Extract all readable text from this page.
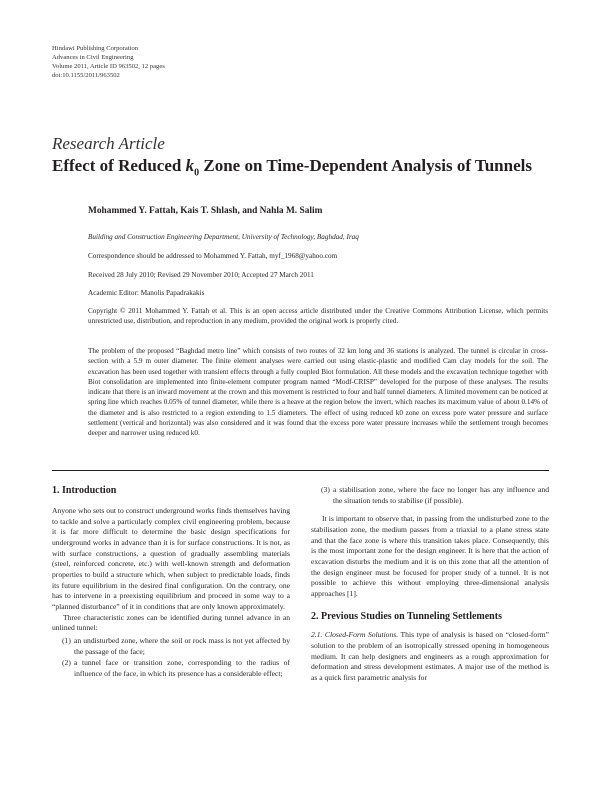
Hindawi Publishing Corporation
Advances in Civil Engineering
Volume 2011, Article ID 963502, 12 pages
doi:10.1155/2011/963502
Research Article
Effect of Reduced $k_0$ Zone on Time-Dependent Analysis of Tunnels
Mohammed Y. Fattah, Kais T. Shlash, and Nahla M. Salim
Building and Construction Engineering Department, University of Technology, Baghdad, Iraq
Correspondence should be addressed to Mohammed Y. Fattah, myf_1968@yahoo.com
Received 28 July 2010; Revised 29 November 2010; Accepted 27 March 2011
Academic Editor: Manolis Papadrakakis
Copyright © 2011 Mohammed Y. Fattah et al. This is an open access article distributed under the Creative Commons Attribution License, which permits unrestricted use, distribution, and reproduction in any medium, provided the original work is properly cited.
The problem of the proposed “Baghdad metro line” which consists of two routes of 32 km long and 36 stations is analyzed. The tunnel is circular in cross-section with a 5.9 m outer diameter. The finite element analyses were carried out using elastic-plastic and modified Cam clay models for the soil. The excavation has been used together with transient effects through a fully coupled Biot formulation. All these models and the excavation technique together with Biot consolidation are implemented into finite-element computer program named “Modf-CRISP” developed for the purpose of these analyses. The results indicate that there is an inward movement at the crown and this movement is restricted to four and half tunnel diameters. A limited movement can be noticed at spring line which reaches 0.05% of tunnel diameter, while there is a heave at the region below the invert, which reaches its maximum value of about 0.14% of the diameter and is also restricted to a region extending to 1.5 diameters. The effect of using reduced k0 zone on excess pore water pressure and surface settlement (vertical and horizontal) was also considered and it was found that the excess pore water pressure increases while the settlement trough becomes deeper and narrower using reduced k0.
1. Introduction

Anyone who sets out to construct underground works finds themselves having to tackle and solve a particularly complex civil engineering problem, because it is far more difficult to determine the basic design specifications for underground works in advance than it is for surface constructions. It is not, as with surface constructions, a question of gradually assembling materials (steel, reinforced concrete, etc.) with well-known strength and deformation properties to build a structure which, when subject to predictable loads, finds its future equilibrium in the desired final configuration. On the contrary, one has to intervene in a preexisting equilibrium and proceed in some way to a “planned disturbance” of it in conditions that are only known approximately.

Three characteristic zones can be identified during tunnel advance in an unlined tunnel:

(1) an undisturbed zone, where the soil or rock mass is not yet affected by the passage of the face;
(2) a tunnel face or transition zone, corresponding to the radius of influence of the face, in which its presence has a considerable effect;
(3) a stabilisation zone, where the face no longer has any influence and the situation tends to stabilise (if possible).

It is important to observe that, in passing from the undisturbed zone to the stabilisation zone, the medium passes from a triaxial to a plane stress state and that the face zone is where this transition takes place. Consequently, this is the most important zone for the design engineer. It is here that the action of excavation disturbs the medium and it is on this zone that all the attention of the design engineer must be focused for proper study of a tunnel. It is not possible to achieve this without employing three-dimensional analysis approaches [1].

2. Previous Studies on Tunneling Settlements

2.1. Closed-Form Solutions. This type of analysis is based on “closed-form” solution to the problem of an isotropically stressed opening in homogeneous medium. It can help designers and engineers as a rough approximation for deformation and stress development estimates. A major use of the method is as a quick first parametric analysis for
